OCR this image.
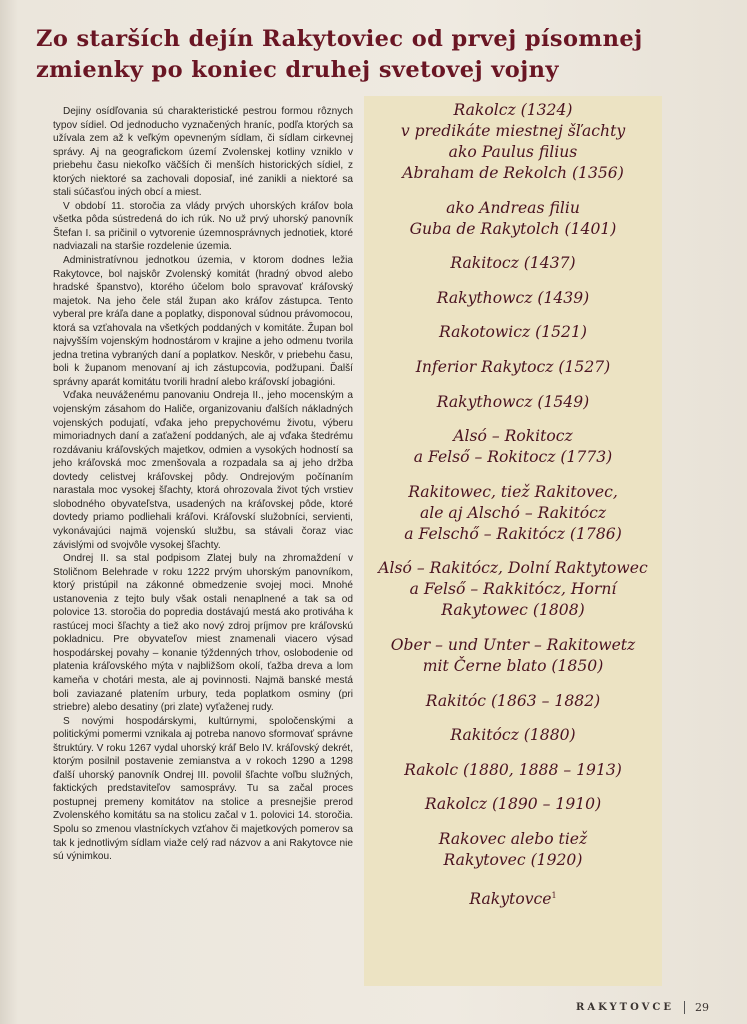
Zo starších dejín Rakytoviec od prvej písomnej
zmienky po koniec druhej svetovej vojny

Dejiny osídľovania sú charakteristické pestrou formou rôznych typov sídiel. Od jednoducho vyznačených hraníc, podľa ktorých sa užívala zem až k veľkým opevneným sídlam, či sídlam cirkevnej správy. Aj na geografickom území Zvolenskej kotliny vzniklo v priebehu času niekoľko väčších či menších historických sídiel, z ktorých niektoré sa zachovali doposiaľ, iné zanikli a niektoré sa stali súčasťou iných obcí a miest.

V období 11. storočia za vlády prvých uhorských kráľov bola všetka pôda sústredená do ich rúk. No už prvý uhorský panovník Štefan I. sa pričinil o vytvorenie územnosprávnych jednotiek, ktoré nadviazali na staršie rozdelenie územia.

Administratívnou jednotkou územia, v ktorom dodnes ležia Rakytovce, bol najskôr Zvolenský komitát (hradný obvod alebo hradské španstvo), ktorého účelom bolo spravovať kráľovský majetok. Na jeho čele stál župan ako kráľov zástupca. Tento vyberal pre kráľa dane a poplatky, disponoval súdnou právomocou, ktorá sa vzťahovala na všetkých poddaných v komitáte. Župan bol najvyšším vojenským hodnostárom v krajine a jeho odmenu tvorila jedna tretina vybraných daní a poplatkov. Neskôr, v priebehu času, boli k županom menovaní aj ich zástupcovia, podžupani. Ďalší správny aparát komitátu tvorili hradní alebo kráľovskí jobagióni.

Vďaka neuváženému panovaniu Ondreja II., jeho mocenským a vojenským zásahom do Haliče, organizovaniu ďalších nákladných vojenských podujatí, vďaka jeho prepychovému životu, výberu mimoriadnych daní a zaťažení poddaných, ale aj vďaka štedrému rozdávaniu kráľovských majetkov, odmien a vysokých hodností sa jeho kráľovská moc zmenšovala a rozpadala sa aj jeho držba dovtedy celistvej kráľovskej pôdy. Ondrejovým počínaním narastala moc vysokej šľachty, ktorá ohrozovala život tých vrstiev slobodného obyvateľstva, usadených na kráľovskej pôde, ktoré dovtedy priamo podliehali kráľovi. Kráľovskí služobníci, servienti, vykonávajúci najmä vojenskú službu, sa stávali čoraz viac závislými od svojvôle vysokej šľachty.

Ondrej II. sa stal podpisom Zlatej buly na zhromaždení v Stoličnom Belehrade v roku 1222 prvým uhorským panovníkom, ktorý pristúpil na zákonné obmedzenie svojej moci. Mnohé ustanovenia z tejto buly však ostali nenaplnené a tak sa od polovice 13. storočia do popredia dostávajú mestá ako protiváha k rastúcej moci šľachty a tiež ako nový zdroj príjmov pre kráľovskú pokladnicu. Pre obyvateľov miest znamenali viacero výsad hospodárskej povahy – konanie týždenných trhov, oslobodenie od platenia kráľovského mýta v najbližšom okolí, ťažba dreva a lom kameňa v chotári mesta, ale aj povinnosti. Najmä banské mestá boli zaviazané platením urbury, teda poplatkom osminy (pri striebre) alebo desatiny (pri zlate) vyťaženej rudy.

S novými hospodárskymi, kultúrnymi, spoločenskými a politickými pomermi vznikala aj potreba nanovo sformovať správne štruktúry. V roku 1267 vydal uhorský kráľ Belo IV. kráľovský dekrét, ktorým posilnil postavenie zemianstva a v rokoch 1290 a 1298 ďalší uhorský panovník Ondrej III. povolil šľachte voľbu služných, faktických predstaviteľov samosprávy. Tu sa začal proces postupnej premeny komitátov na stolice a presnejšie prerod Zvolenského komitátu sa na stolicu začal v 1. polovici 14. storočia. Spolu so zmenou vlastníckych vzťahov či majetkových pomerov sa tak k jednotlivým sídlam viaže celý rad názvov a ani Rakytovce nie sú výnimkou.

Rakolcz (1324)
v predikáte miestnej šľachty
ako Paulus filius
Abraham de Rekolch (1356)
ako Andreas filiu
Guba de Rakytolch (1401)
Rakitocz (1437)
Rakythowcz (1439)
Rakotowicz (1521)
Inferior Rakytocz (1527)
Rakythowcz (1549)
Alsó – Rokitocz
a Felső – Rokitocz (1773)
Rakitowec, tiež Rakitovec,
ale aj Alschó – Rakitócz
a Felschő – Rakitócz (1786)
Alsó – Rakitócz, Dolní Raktytowec
a Felső – Rakkitócz, Horní
Rakytowec (1808)
Ober – und Unter – Rakitowetz
mit Černe blato (1850)
Rakitóc (1863 – 1882)
Rakitócz (1880)
Rakolc (1880, 1888 – 1913)
Rakolcz (1890 – 1910)
Rakovec alebo tiež
Rakytovec (1920)
Rakytovce$^1$
RAKYTOVCE 29
